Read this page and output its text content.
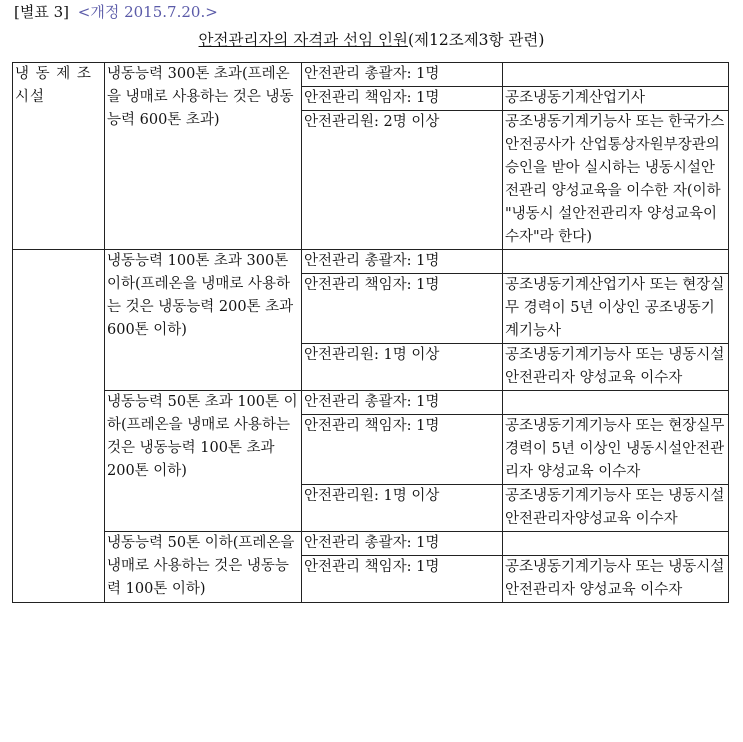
[별표 3] <개정 2015.7.20.>
안전관리자의 자격과 선임 인원(제12조제3항 관련)
냉 동 제 조 시설	냉동능력 300톤 초과(프레온을 냉매로 사용하는 것은 냉동능력 600톤 초과)	안전관리 총괄자: 1명	
		안전관리 책임자: 1명	공조냉동기계산업기사
		안전관리원: 2명 이상	공조냉동기계기능사 또는 한국가스안전공사가 산업통상자원부장관의 승인을 받아 실시하는 냉동시설안전관리 양성교육을 이수한 자(이하 "냉동시 설안전관리자 양성교육이수자"라 한다)
	냉동능력 100톤 초과 300톤 이하(프레온을 냉매로 사용하는 것은 냉동능력 200톤 초과 600톤 이하)	안전관리 총괄자: 1명	
		안전관리 책임자: 1명	공조냉동기계산업기사 또는 현장실무 경력이 5년 이상인 공조냉동기계기능사
		안전관리원: 1명 이상	공조냉동기계기능사 또는 냉동시설안전관리자 양성교육 이수자
	냉동능력 50톤 초과 100톤 이하(프레온을 냉매로 사용하는 것은 냉동능력 100톤 초과 200톤 이하)	안전관리 총괄자: 1명	
		안전관리 책임자: 1명	공조냉동기계기능사 또는 현장실무 경력이 5년 이상인 냉동시설안전관리자 양성교육 이수자
		안전관리원: 1명 이상	공조냉동기계기능사 또는 냉동시설안전관리자양성교육 이수자
	냉동능력 50톤 이하(프레온을 냉매로 사용하는 것은 냉동능력 100톤 이하)	안전관리 총괄자: 1명	
		안전관리 책임자: 1명	공조냉동기계기능사 또는 냉동시설안전관리자 양성교육 이수자
